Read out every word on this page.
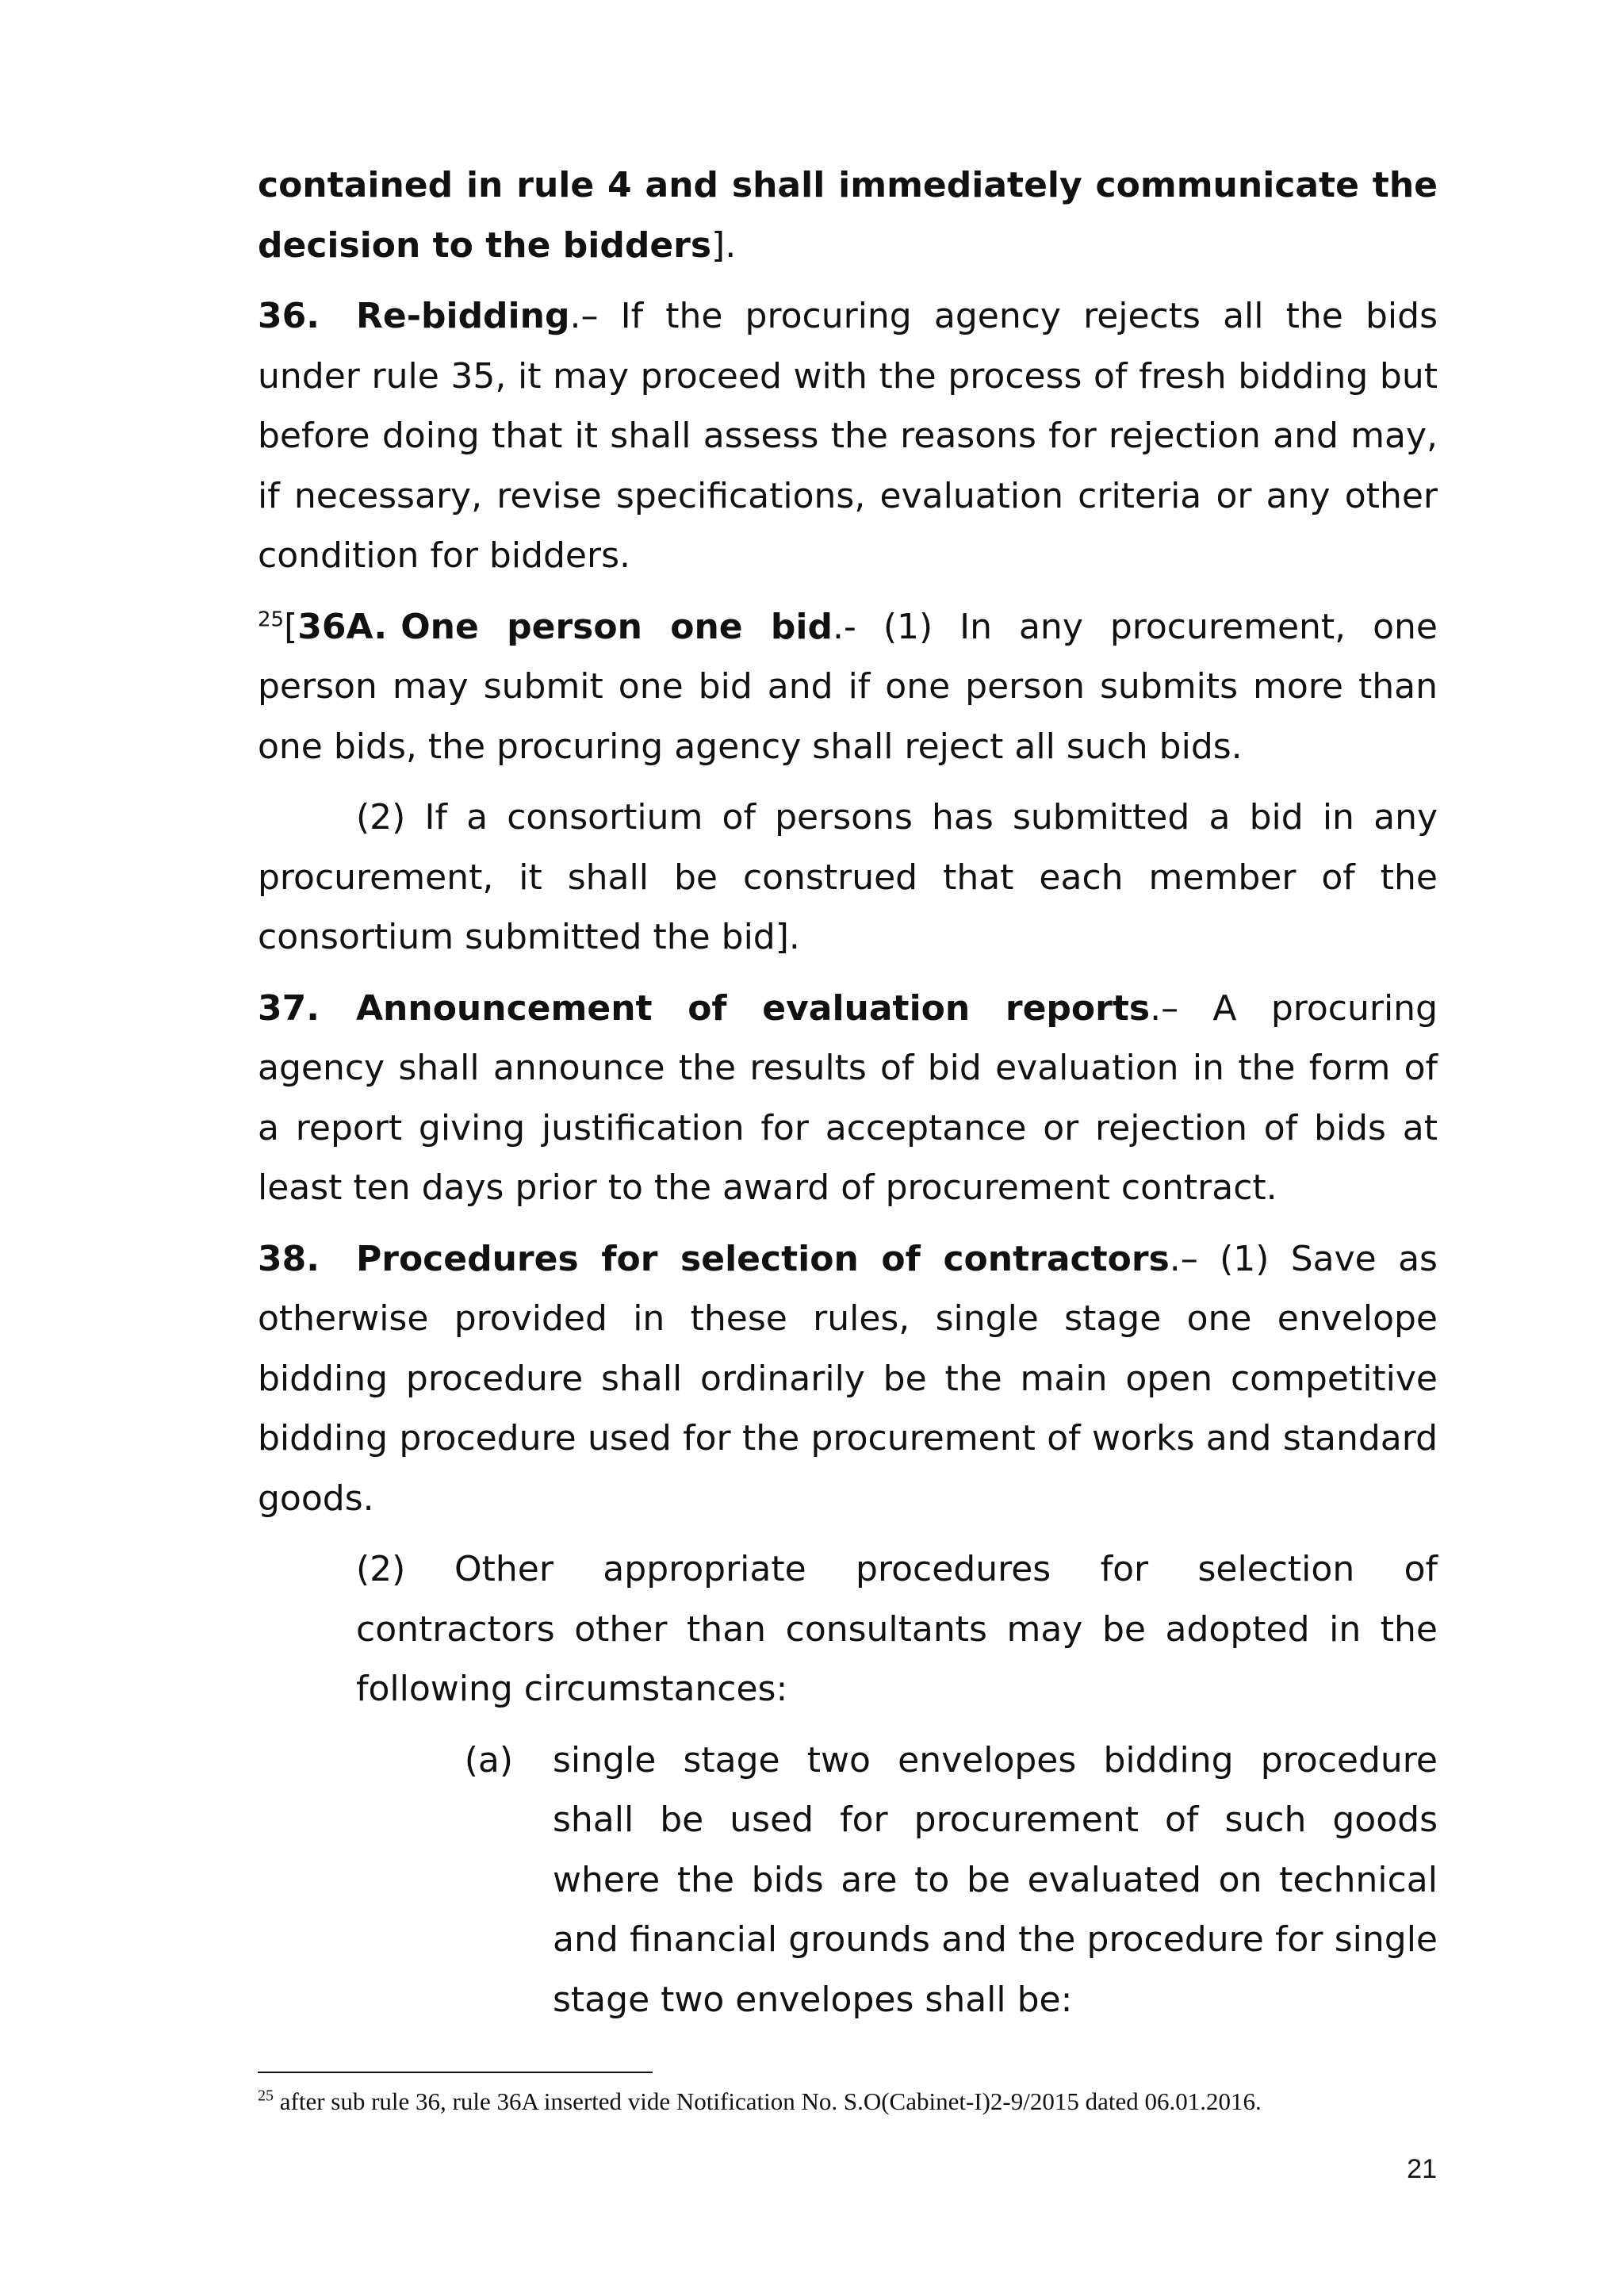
contained in rule 4 and shall immediately communicate the decision to the bidders].

36. Re-bidding.– If the procuring agency rejects all the bids under rule 35, it may proceed with the process of fresh bidding but before doing that it shall assess the reasons for rejection and may, if necessary, revise specifications, evaluation criteria or any other condition for bidders.

$^{25}$[36A. One person one bid.- (1) In any procurement, one person may submit one bid and if one person submits more than one bids, the procuring agency shall reject all such bids.

(2) If a consortium of persons has submitted a bid in any procurement, it shall be construed that each member of the consortium submitted the bid].

37. Announcement of evaluation reports.– A procuring agency shall announce the results of bid evaluation in the form of a report giving justification for acceptance or rejection of bids at least ten days prior to the award of procurement contract.

38. Procedures for selection of contractors.– (1) Save as otherwise provided in these rules, single stage one envelope bidding procedure shall ordinarily be the main open competitive bidding procedure used for the procurement of works and standard goods.

(2) Other appropriate procedures for selection of contractors other than consultants may be adopted in the following circumstances:

(a)	single stage two envelopes bidding procedure shall be used for procurement of such goods where the bids are to be evaluated on technical and financial grounds and the procedure for single stage two envelopes shall be:
$^{25}$ after sub rule 36, rule 36A inserted vide Notification No. S.O(Cabinet-I)2-9/2015 dated 06.01.2016.
21
